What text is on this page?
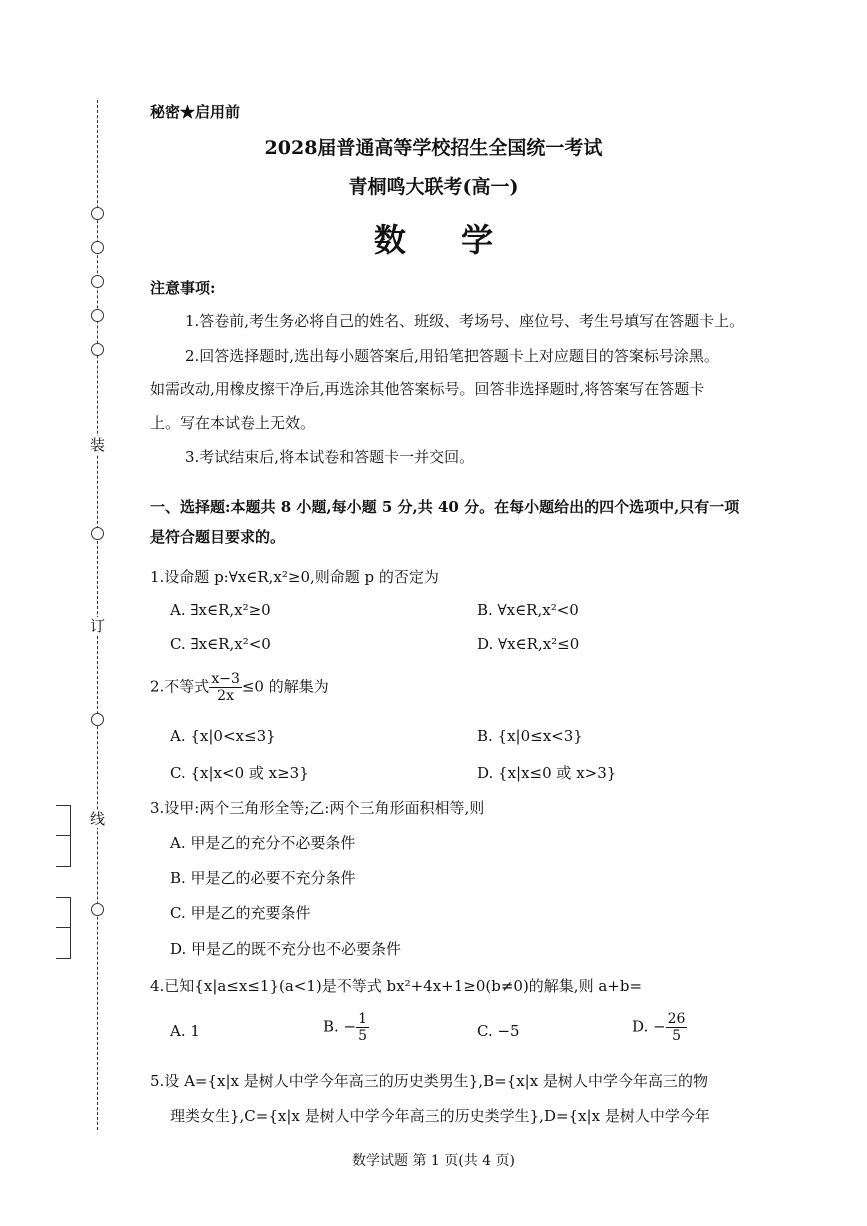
装
订
线
秘密★启用前
2028届普通高等学校招生全国统一考试
青桐鸣大联考(高一)
数 学
注意事项:
1.答卷前,考生务必将自己的姓名、班级、考场号、座位号、考生号填写在答题卡上。
2.回答选择题时,选出每小题答案后,用铅笔把答题卡上对应题目的答案标号涂黑。
如需改动,用橡皮擦干净后,再选涂其他答案标号。回答非选择题时,将答案写在答题卡
上。写在本试卷上无效。
3.考试结束后,将本试卷和答题卡一并交回。
一、选择题:本题共 8 小题,每小题 5 分,共 40 分。在每小题给出的四个选项中,只有一项
是符合题目要求的。
1.设命题 p:∀x∈R,x²≥0,则命题 p 的否定为
A. ∃x∈R,x²≥0	B. ∀x∈R,x²<0
C. ∃x∈R,x²<0	D. ∀x∈R,x²≤0
2.不等式 $\frac{x-3}{2x} \le 0$ 的解集为
A. {x|0<x≤3}	B. {x|0≤x<3}
C. {x|x<0 或 x≥3}	D. {x|x≤0 或 x>3}
3.设甲:两个三角形全等;乙:两个三角形面积相等,则
A. 甲是乙的充分不必要条件
B. 甲是乙的必要不充分条件
C. 甲是乙的充要条件
D. 甲是乙的既不充分也不必要条件
4.已知{x|a≤x≤1}(a<1)是不等式 bx²+4x+1≥0(b≠0)的解集,则 a+b=
A. 1	B. − $\frac{1}{5}$	C. −5	D. − $\frac{26}{5}$
5.设 A={x|x 是树人中学今年高三的历史类男生},B={x|x 是树人中学今年高三的物
理类女生},C={x|x 是树人中学今年高三的历史类学生},D={x|x 是树人中学今年
数学试题 第 1 页(共 4 页)
